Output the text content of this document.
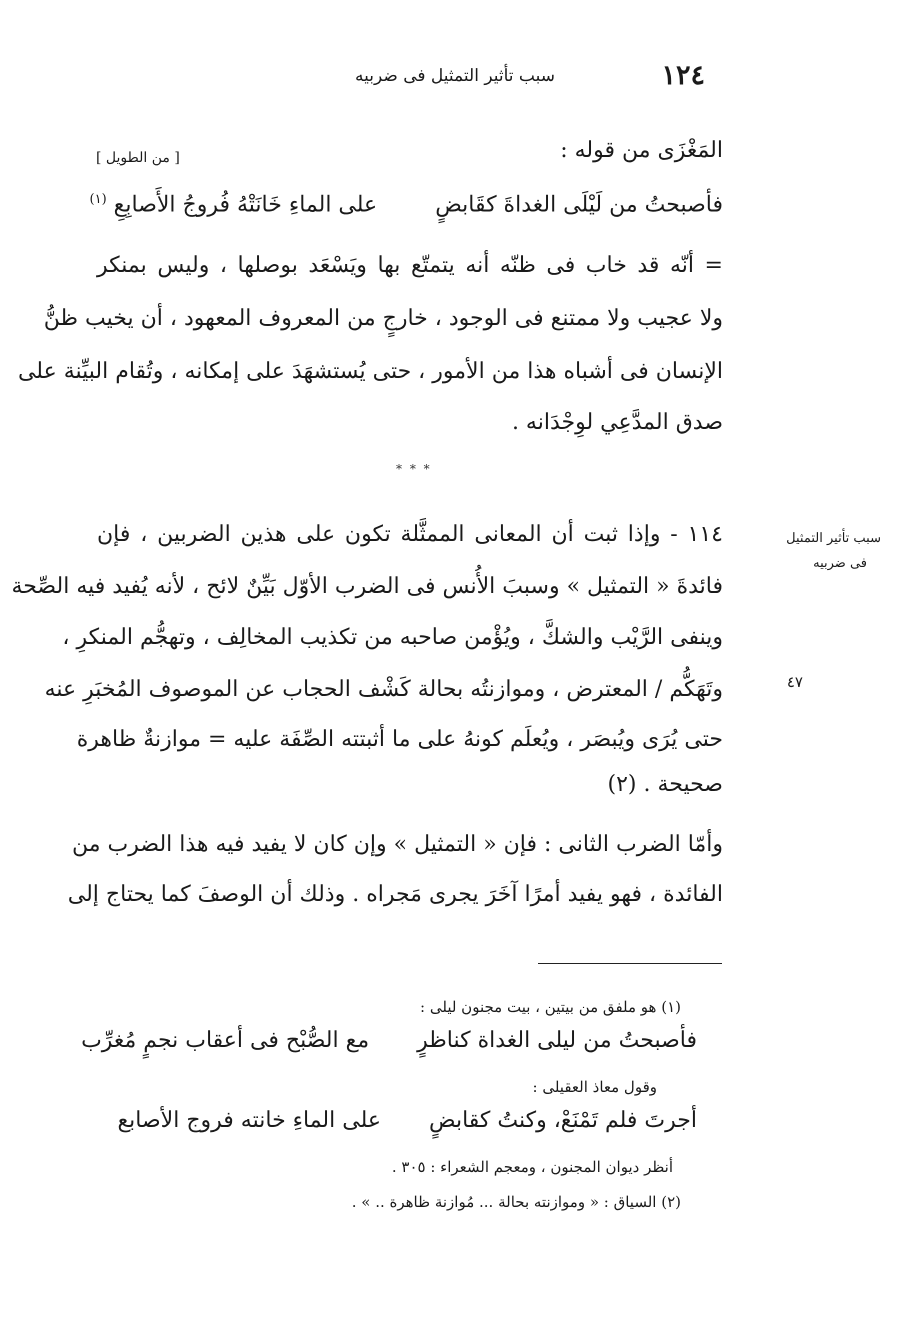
١٢٤
سبب تأثير التمثيل فى ضربيه
المَغْزَى من قوله :
[ من الطويل ]
فأصبحتُ من لَيْلَى الغداةَ كقَابضٍ  على الماءِ خَانَتْهُ فُروجُ الأَصابِعِ $^{(١)}$
= أنّه قد خاب فى ظنّه أنه يتمتّع بها ويَسْعَد بوصلها ، وليس بمنكر
ولا عجيب ولا ممتنع فى الوجود ، خارجٍ من المعروف المعهود ، أن يخيب ظنُّ
الإنسان فى أشباه هذا من الأمور ، حتى يُستشهَدَ على إمكانه ، وتُقام البيِّنة على
صدق المدَّعِي لوِجْدَانه .
* * *
سبب تأثير التمثيل
فى ضربيه
٤٧
١١٤ - وإذا ثبت أن المعانى الممثَّلة تكون على هذين الضربين ، فإن
فائدةَ « التمثيل » وسببَ الأُنس فى الضرب الأوّل بَيِّنٌ لائح ، لأنه يُفيد فيه الصِّحة
وينفى الرَّيْب والشكَّ ، ويُؤْمن صاحبه من تكذيب المخالِف ، وتهجُّم المنكرِ ،
وتَهَكُّم / المعترض ، وموازنتُه بحالة كَشْف الحجاب عن الموصوف المُخبَرِ عنه
حتى يُرَى ويُبصَر ، ويُعلَم كونهُ على ما أثبتته الصِّفَة عليه = موازنةٌ ظاهرة
صحيحة . (٢)
وأمّا الضرب الثانى : فإن « التمثيل » وإن كان لا يفيد فيه هذا الضرب من
الفائدة ، فهو يفيد أمرًا آخَرَ يجرى مَجراه . وذلك أن الوصفَ كما يحتاج إلى
(١) هو ملفق من بيتين ، بيت مجنون ليلى :
فأصبحتُ من ليلى الغداة كناظرٍ  مع الصُّبْح فى أعقاب نجمٍ مُغرِّب
وقول معاذ العقيلى :
أجرتَ فلم تَمْنَعْ، وكنتُ كقابضٍ  على الماءِ خانته فروج الأصابع
أنظر ديوان المجنون ، ومعجم الشعراء : ٣٠٥ .
(٢) السياق : « وموازنته بحالة ... مُوازنة ظاهرة .. » .
